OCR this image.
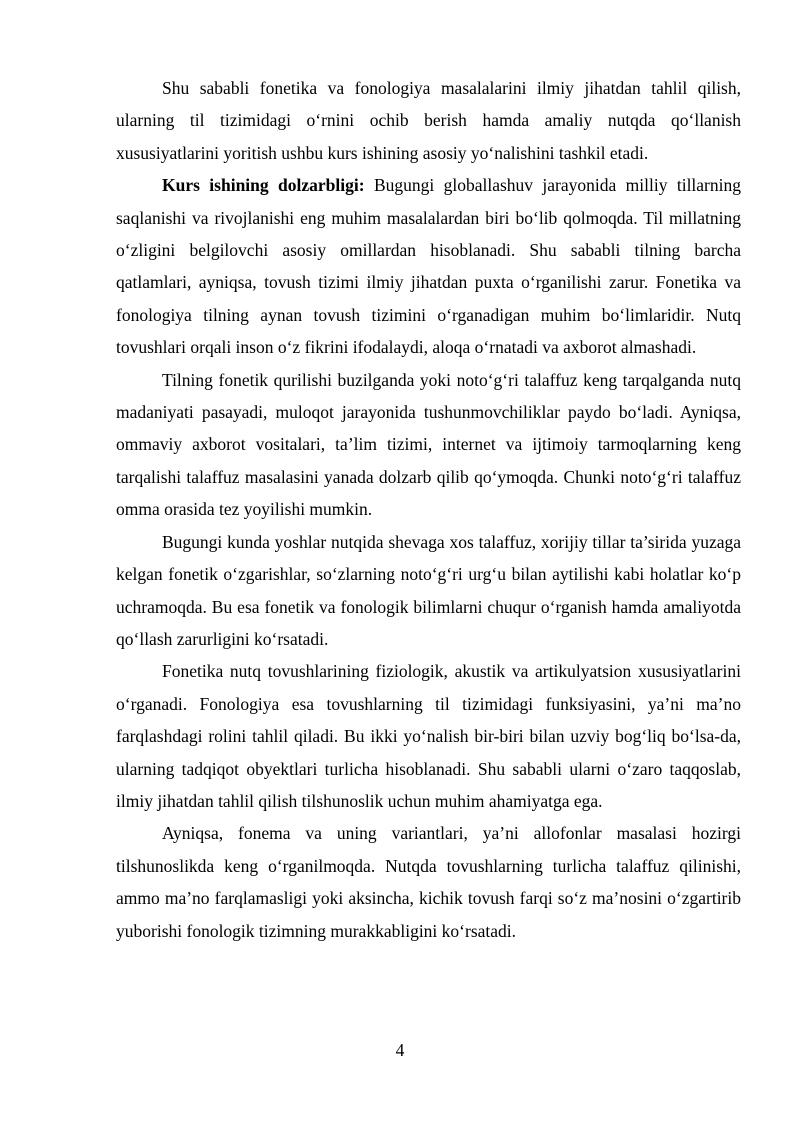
Shu sababli fonetika va fonologiya masalalarini ilmiy jihatdan tahlil qilish, ularning til tizimidagi o‘rnini ochib berish hamda amaliy nutqda qo‘llanish xususiyatlarini yoritish ushbu kurs ishining asosiy yo‘nalishini tashkil etadi.

Kurs ishining dolzarbligi: Bugungi globallashuv jarayonida milliy tillarning saqlanishi va rivojlanishi eng muhim masalalardan biri bo‘lib qolmoqda. Til millatning o‘zligini belgilovchi asosiy omillardan hisoblanadi. Shu sababli tilning barcha qatlamlari, ayniqsa, tovush tizimi ilmiy jihatdan puxta o‘rganilishi zarur. Fonetika va fonologiya tilning aynan tovush tizimini o‘rganadigan muhim bo‘limlaridir. Nutq tovushlari orqali inson o‘z fikrini ifodalaydi, aloqa o‘rnatadi va axborot almashadi.

Tilning fonetik qurilishi buzilganda yoki noto‘g‘ri talaffuz keng tarqalganda nutq madaniyati pasayadi, muloqot jarayonida tushunmovchiliklar paydo bo‘ladi. Ayniqsa, ommaviy axborot vositalari, ta’lim tizimi, internet va ijtimoiy tarmoqlarning keng tarqalishi talaffuz masalasini yanada dolzarb qilib qo‘ymoqda. Chunki noto‘g‘ri talaffuz omma orasida tez yoyilishi mumkin.

Bugungi kunda yoshlar nutqida shevaga xos talaffuz, xorijiy tillar ta’sirida yuzaga kelgan fonetik o‘zgarishlar, so‘zlarning noto‘g‘ri urg‘u bilan aytilishi kabi holatlar ko‘p uchramoqda. Bu esa fonetik va fonologik bilimlarni chuqur o‘rganish hamda amaliyotda qo‘llash zarurligini ko‘rsatadi.

Fonetika nutq tovushlarining fiziologik, akustik va artikulyatsion xususiyatlarini o‘rganadi. Fonologiya esa tovushlarning til tizimidagi funksiyasini, ya’ni ma’no farqlashdagi rolini tahlil qiladi. Bu ikki yo‘nalish bir-biri bilan uzviy bog‘liq bo‘lsa-da, ularning tadqiqot obyektlari turlicha hisoblanadi. Shu sababli ularni o‘zaro taqqoslab, ilmiy jihatdan tahlil qilish tilshunoslik uchun muhim ahamiyatga ega.

Ayniqsa, fonema va uning variantlari, ya’ni allofonlar masalasi hozirgi tilshunoslikda keng o‘rganilmoqda. Nutqda tovushlarning turlicha talaffuz qilinishi, ammo ma’no farqlamasligi yoki aksincha, kichik tovush farqi so‘z ma’nosini o‘zgartirib yuborishi fonologik tizimning murakkabligini ko‘rsatadi.

4
